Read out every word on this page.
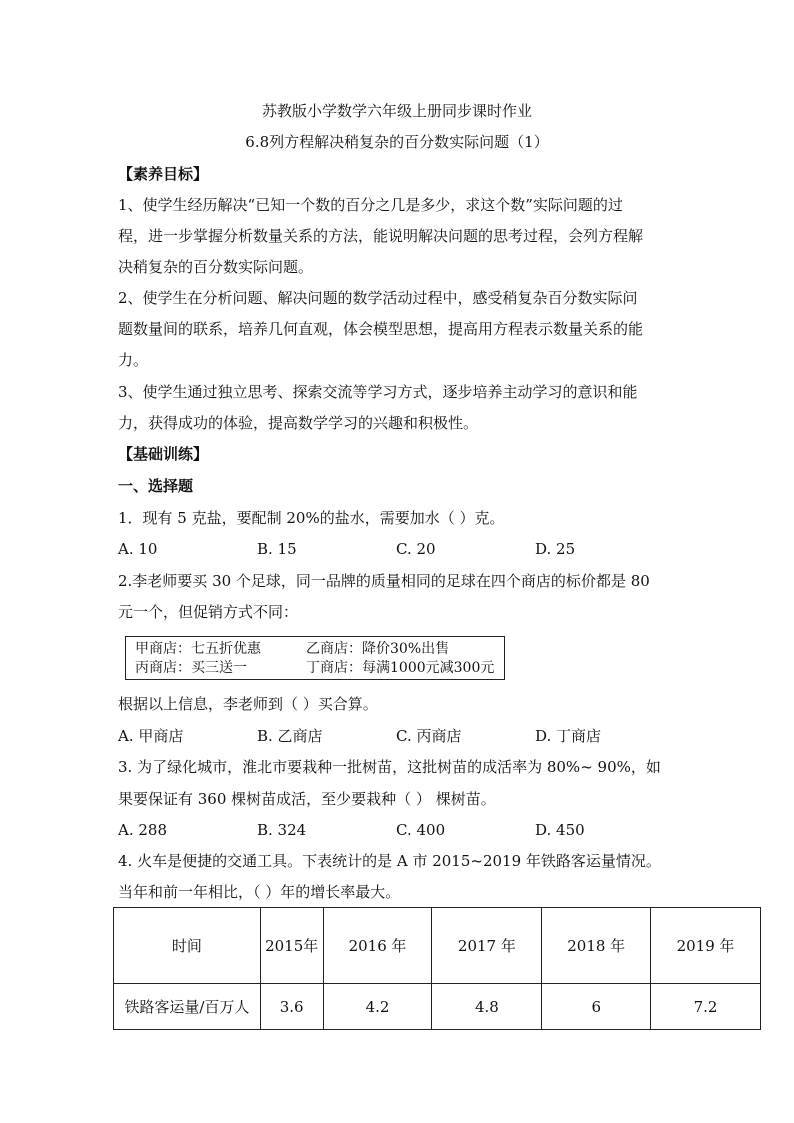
苏教版小学数学六年级上册同步课时作业
6.8列方程解决稍复杂的百分数实际问题（1）
【素养目标】
1、使学生经历解决“已知一个数的百分之几是多少，求这个数”实际问题的过
程，进一步掌握分析数量关系的方法，能说明解决问题的思考过程，会列方程解
决稍复杂的百分数实际问题。
2、使学生在分析问题、解决问题的数学活动过程中，感受稍复杂百分数实际问
题数量间的联系，培养几何直观，体会模型思想，提高用方程表示数量关系的能
力。
3、使学生通过独立思考、探索交流等学习方式，逐步培养主动学习的意识和能
力，获得成功的体验，提高数学学习的兴趣和积极性。
【基础训练】
一、选择题
1．现有 5 克盐，要配制 20%的盐水，需要加水（ ）克。
A. 10	B. 15	C. 20	D. 25
2.李老师要买 30 个足球，同一品牌的质量相同的足球在四个商店的标价都是 80
元一个，但促销方式不同：
甲商店：七五折优惠	乙商店：降价30%出售
丙商店：买三送一	丁商店：每满1000元减300元
根据以上信息，李老师到（ ）买合算。
A. 甲商店	B. 乙商店	C. 丙商店	D. 丁商店
3. 为了绿化城市，淮北市要栽种一批树苗，这批树苗的成活率为 80%~ 90%，如
果要保证有 360 棵树苗成活，至少要栽种（ ） 棵树苗。
A. 288	B. 324	C. 400	D. 450
4. 火车是便捷的交通工具。下表统计的是 A 市 2015~2019 年铁路客运量情况。
当年和前一年相比，（ ）年的增长率最大。
时间	2015年	2016 年	2017 年	2018 年	2019 年
铁路客运量/百万人	3.6	4.2	4.8	6	7.2
